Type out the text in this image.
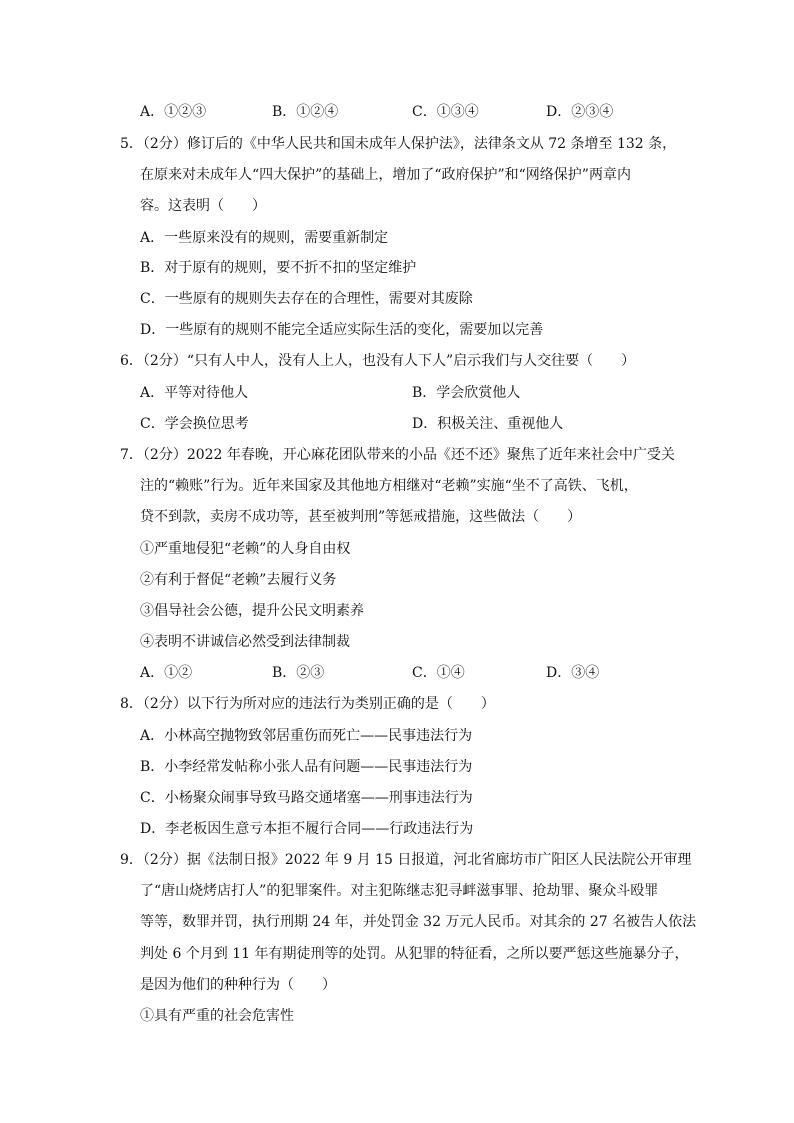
A．①②③	B．①②④	C．①③④	D．②③④
5．（2分）修订后的《中华人民共和国未成年人保护法》，法律条文从 72 条增至 132 条，
在原来对未成年人“四大保护”的基础上，增加了“政府保护”和“网络保护”两章内
容。这表明（　　）
A．一些原来没有的规则，需要重新制定
B．对于原有的规则，要不折不扣的坚定维护
C．一些原有的规则失去存在的合理性，需要对其废除
D．一些原有的规则不能完全适应实际生活的变化，需要加以完善
6．（2分）“只有人中人，没有人上人，也没有人下人”启示我们与人交往要（　　）
A．平等对待他人	B．学会欣赏他人
C．学会换位思考	D．积极关注、重视他人
7．（2分）2022 年春晚，开心麻花团队带来的小品《还不还》聚焦了近年来社会中广受关
注的“赖账”行为。近年来国家及其他地方相继对“老赖”实施“坐不了高铁、飞机，
贷不到款，卖房不成功等，甚至被判刑”等惩戒措施，这些做法（　　）
①严重地侵犯“老赖”的人身自由权
②有利于督促“老赖”去履行义务
③倡导社会公德，提升公民文明素养
④表明不讲诚信必然受到法律制裁
A．①②	B．②③	C．①④	D．③④
8．（2分）以下行为所对应的违法行为类别正确的是（　　）
A．小林高空抛物致邻居重伤而死亡——民事违法行为
B．小李经常发帖称小张人品有问题——民事违法行为
C．小杨聚众闹事导致马路交通堵塞——刑事违法行为
D．李老板因生意亏本拒不履行合同——行政违法行为
9．（2分）据《法制日报》2022 年 9 月 15 日报道，河北省廊坊市广阳区人民法院公开审理
了“唐山烧烤店打人”的犯罪案件。对主犯陈继志犯寻衅滋事罪、抢劫罪、聚众斗殴罪
等等，数罪并罚，执行刑期 24 年，并处罚金 32 万元人民币。对其余的 27 名被告人依法
判处 6 个月到 11 年有期徒刑等的处罚。从犯罪的特征看，之所以要严惩这些施暴分子，
是因为他们的种种行为（　　）
①具有严重的社会危害性
